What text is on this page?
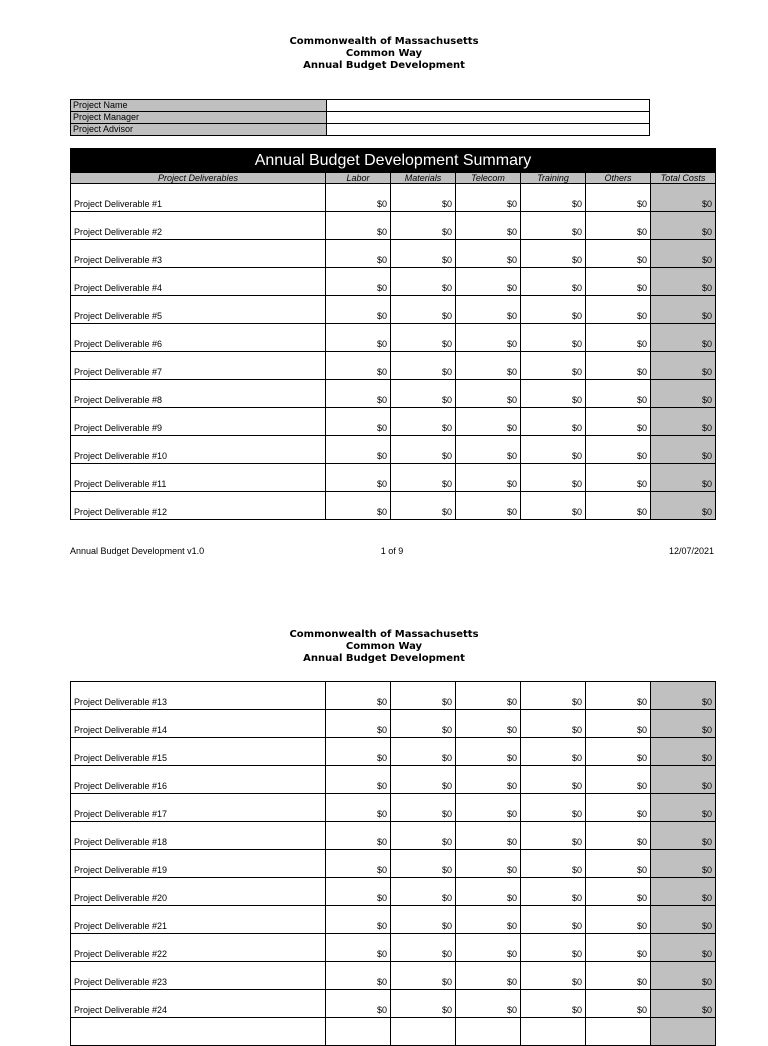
Commonwealth of Massachusetts
Common Way
Annual Budget Development
Project Name	
Project Manager	
Project Advisor	
Annual Budget Development Summary						
Project Deliverables	Labor	Materials	Telecom	Training	Others	Total Costs
Project Deliverable #1	$0	$0	$0	$0	$0	$0
Project Deliverable #2	$0	$0	$0	$0	$0	$0
Project Deliverable #3	$0	$0	$0	$0	$0	$0
Project Deliverable #4	$0	$0	$0	$0	$0	$0
Project Deliverable #5	$0	$0	$0	$0	$0	$0
Project Deliverable #6	$0	$0	$0	$0	$0	$0
Project Deliverable #7	$0	$0	$0	$0	$0	$0
Project Deliverable #8	$0	$0	$0	$0	$0	$0
Project Deliverable #9	$0	$0	$0	$0	$0	$0
Project Deliverable #10	$0	$0	$0	$0	$0	$0
Project Deliverable #11	$0	$0	$0	$0	$0	$0
Project Deliverable #12	$0	$0	$0	$0	$0	$0
Annual Budget Development v1.0	1 of 9	12/07/2021
Commonwealth of Massachusetts
Common Way
Annual Budget Development
Project Deliverable #13	$0	$0	$0	$0	$0	$0
Project Deliverable #14	$0	$0	$0	$0	$0	$0
Project Deliverable #15	$0	$0	$0	$0	$0	$0
Project Deliverable #16	$0	$0	$0	$0	$0	$0
Project Deliverable #17	$0	$0	$0	$0	$0	$0
Project Deliverable #18	$0	$0	$0	$0	$0	$0
Project Deliverable #19	$0	$0	$0	$0	$0	$0
Project Deliverable #20	$0	$0	$0	$0	$0	$0
Project Deliverable #21	$0	$0	$0	$0	$0	$0
Project Deliverable #22	$0	$0	$0	$0	$0	$0
Project Deliverable #23	$0	$0	$0	$0	$0	$0
Project Deliverable #24	$0	$0	$0	$0	$0	$0
